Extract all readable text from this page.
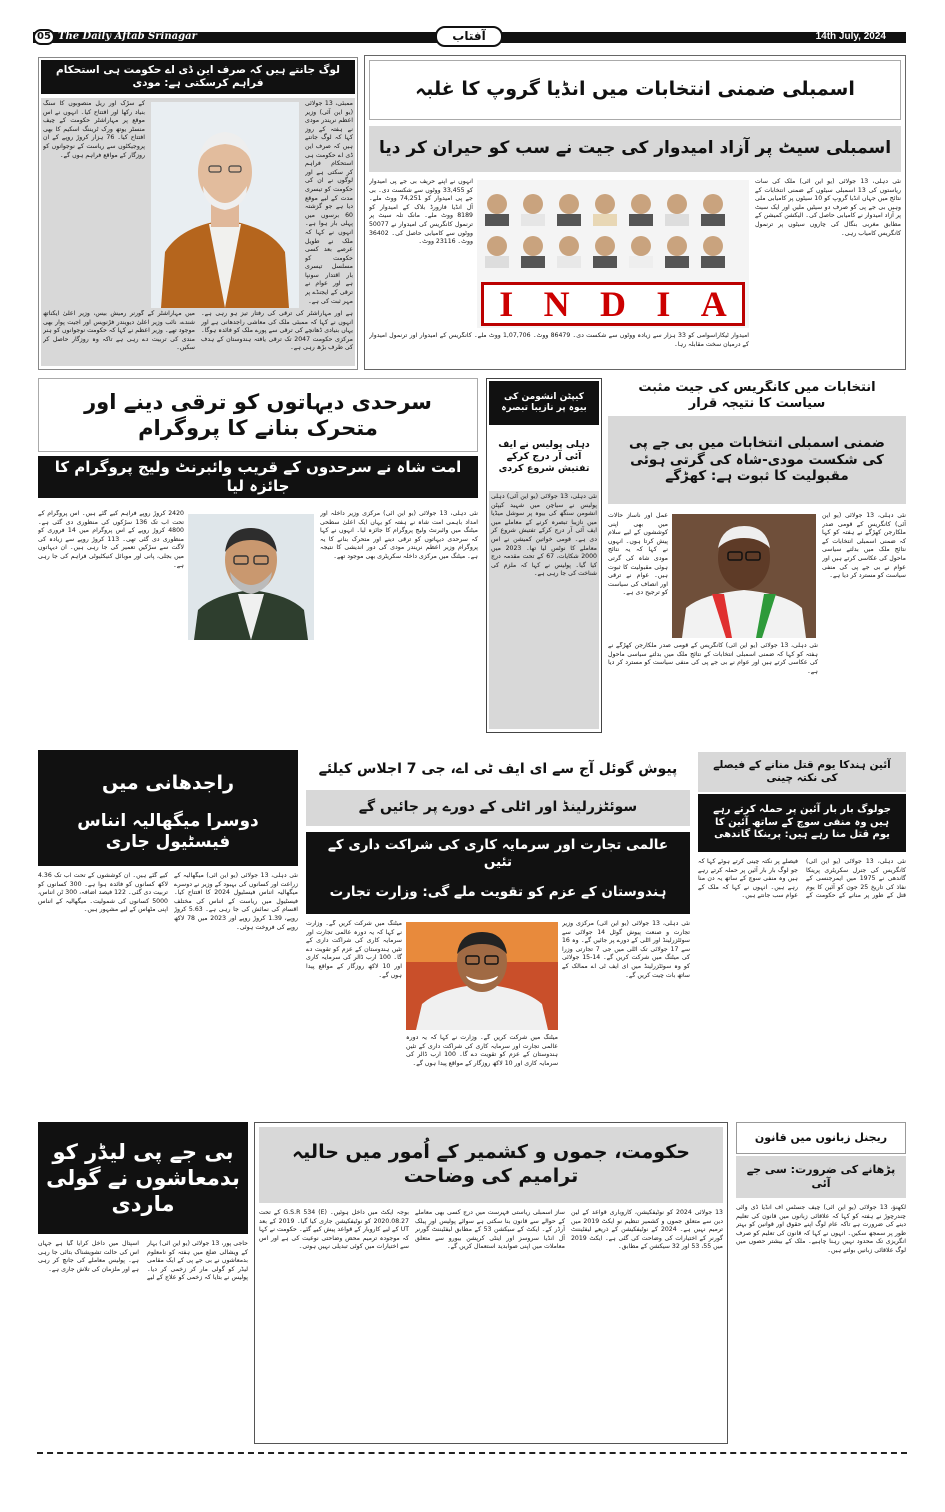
05 The Daily Aftab Srinagar	آفتاب	14th July, 2024
لوگ جانتے ہیں کہ صرف این ڈی اے حکومت ہی استحکام فراہم کرسکتی ہے: مودی
ممبئی، 13 جولائی (یو این آئی) وزیر اعظم نریندر مودی نے ہفتہ کے روز کہا کہ لوگ جانتے ہیں کہ صرف این ڈی اے حکومت ہی استحکام فراہم کر سکتی ہے اور لوگوں نے ان کی حکومت کو تیسری مدت کے لیے موقع دیا ہے جو گزشتہ 60 برسوں میں پہلی بار ہوا ہے۔ انہوں نے کہا کہ ملک نے طویل عرصے بعد کسی حکومت کو مسلسل تیسری بار اقتدار سونپا ہے اور عوام نے ترقی کے ایجنڈے پر مہر ثبت کی ہے۔
کے سڑک اور ریل منصوبوں کا سنگ بنیاد رکھا اور افتتاح کیا۔ انہوں نے اس موقع پر مہاراشٹر حکومت کے چیف منسٹر یوتھ ورک ٹریننگ اسکیم کا بھی افتتاح کیا۔ 76 ہزار کروڑ روپے کے ان پروجیکٹوں سے ریاست کے نوجوانوں کو روزگار کے مواقع فراہم ہوں گے۔
ہے اور مہاراشٹر کی ترقی کی رفتار تیز ہو رہی ہے۔ انہوں نے کہا کہ ممبئی ملک کی معاشی راجدھانی ہے اور یہاں بنیادی ڈھانچے کی ترقی سے پورے ملک کو فائدہ ہوگا۔ مرکزی حکومت 2047 تک ترقی یافتہ ہندوستان کے ہدف کی طرف بڑھ رہی ہے۔
میں مہاراشٹر کے گورنر رمیش بیس، وزیر اعلیٰ ایکناتھ شندے، نائب وزیر اعلیٰ دیویندر فڑنویس اور اجیت پوار بھی موجود تھے۔ وزیر اعظم نے کہا کہ حکومت نوجوانوں کو ہنر مندی کی تربیت دے رہی ہے تاکہ وہ روزگار حاصل کر سکیں۔
اسمبلی ضمنی انتخابات میں انڈیا گروپ کا غلبہ
اسمبلی سیٹ پر آزاد امیدوار کی جیت نے سب کو حیران کر دیا
نئی دہلی، 13 جولائی (یو این آئی) ملک کی سات ریاستوں کی 13 اسمبلی سیٹوں کے ضمنی انتخابات کے نتائج میں جہاں انڈیا گروپ کو 10 سیٹوں پر کامیابی ملی وہیں بی جے پی کو صرف دو سیٹیں ملیں اور ایک سیٹ پر آزاد امیدوار نے کامیابی حاصل کی۔ الیکشن کمیشن کے مطابق مغربی بنگال کی چاروں سیٹوں پر ترنمول کانگریس کامیاب رہی۔
I N D I A
انہوں نے اپنے حریف بی جے پی امیدوار کو 33,455 ووٹوں سے شکست دی۔ بی جے پی امیدوار کو 74,251 ووٹ ملے۔ آل انڈیا فارورڈ بلاک کے امیدوار کو 8189 ووٹ ملے۔ مانک تلہ سیٹ پر ترنمول کانگریس کی امیدوار نے 50077 ووٹوں سے کامیابی حاصل کی۔ 36402 ووٹ۔ 23116 ووٹ۔
امیدوار ٹیکاراسوامی کو 33 ہزار سے زیادہ ووٹوں سے شکست دی۔ 86479 ووٹ۔ 1,07,706 ووٹ ملے۔ کانگریس کے امیدوار اور ترنمول امیدوار کے درمیان سخت مقابلہ رہا۔
سرحدی دیہاتوں کو ترقی دینے اور متحرک بنانے کا پروگرام
امت شاہ نے سرحدوں کے قریب وائبرنٹ ولیج پروگرام کا جائزہ لیا
نئی دہلی، 13 جولائی (یو این آئی) مرکزی وزیر داخلہ اور امداد باہمی امت شاہ نے ہفتہ کو یہاں ایک اعلیٰ سطحی میٹنگ میں وائبرنٹ ولیج پروگرام کا جائزہ لیا۔ انہوں نے کہا کہ سرحدی دیہاتوں کو ترقی دینے اور متحرک بنانے کا یہ پروگرام وزیر اعظم نریندر مودی کی دور اندیشی کا نتیجہ ہے۔ میٹنگ میں مرکزی داخلہ سکریٹری بھی موجود تھے۔
2420 کروڑ روپے فراہم کیے گئے ہیں۔ اس پروگرام کے تحت اب تک 136 سڑکوں کی منظوری دی گئی ہے۔ 4800 کروڑ روپے کے اس پروگرام میں 14 فروری کو منظوری دی گئی تھی۔ 113 کروڑ روپے سے زیادہ کی لاگت سے سڑکیں تعمیر کی جا رہی ہیں۔ ان دیہاتوں میں بجلی، پانی اور موبائل کنیکٹیوٹی فراہم کی جا رہی ہے۔
کیپٹن انشومن کی بیوہ پر نازیبا تبصرہ
دہلی پولیس نے ایف آئی آر درج کرکے تفتیش شروع کردی
نئی دہلی، 13 جولائی (یو این آئی) دہلی پولیس نے سیاچن میں شہید کیپٹن انشومن سنگھ کی بیوہ پر سوشل میڈیا میں نازیبا تبصرہ کرنے کے معاملے میں ایف آئی آر درج کرکے تفتیش شروع کر دی ہے۔ قومی خواتین کمیشن نے اس معاملے کا نوٹس لیا تھا۔ 2023 میں 2000 شکایات، 67 کے تحت مقدمہ درج کیا گیا۔ پولیس نے کہا کہ ملزم کی شناخت کی جا رہی ہے۔
انتخابات میں کانگریس کی جیت مثبت سیاست کا نتیجہ قرار
ضمنی اسمبلی انتخابات میں بی جے پی کی شکست مودی-شاہ کی گرتی ہوئی مقبولیت کا ثبوت ہے: کھڑگے
نئی دہلی، 13 جولائی (یو این آئی) کانگریس کے قومی صدر ملکارجن کھڑگے نے ہفتہ کو کہا کہ ضمنی اسمبلی انتخابات کے نتائج ملک میں بدلتے سیاسی ماحول کی عکاسی کرتے ہیں اور عوام نے بی جے پی کی منفی سیاست کو مسترد کر دیا ہے۔
عمل اور ناساز حالات میں بھی اپنی کوششوں کے لیے سلام پیش کرتا ہوں۔ انہوں نے کہا کہ یہ نتائج مودی شاہ کی گرتی ہوئی مقبولیت کا ثبوت ہیں۔ عوام نے ترقی اور انصاف کی سیاست کو ترجیح دی ہے۔
نئی دہلی، 13 جولائی (یو این آئی) کانگریس کے قومی صدر ملکارجن کھڑگے نے ہفتہ کو کہا کہ ضمنی اسمبلی انتخابات کے نتائج ملک میں بدلتے سیاسی ماحول کی عکاسی کرتے ہیں اور عوام نے بی جے پی کی منفی سیاست کو مسترد کر دیا ہے۔
راجدھانی میں
دوسرا میگھالیہ انناس فیسٹیول جاری
نئی دہلی، 13 جولائی (یو این آئی) میگھالیہ کے زراعت اور کسانوں کی بہبود کے وزیر نے دوسرے میگھالیہ انناس فیسٹیول 2024 کا افتتاح کیا۔ فیسٹیول میں ریاست کے انناس کی مختلف اقسام کی نمائش کی جا رہی ہے۔ 5.63 کروڑ روپے، 1.39 کروڑ روپے اور 2023 میں 78 لاکھ روپے کی فروخت ہوئی۔
کیے گئے ہیں۔ ان کوششوں کے تحت اب تک 4.36 لاکھ کسانوں کو فائدہ ہوا ہے۔ 300 کسانوں کو تربیت دی گئی۔ 122 فیصد اضافہ، 300 ٹن انناس، 5000 کسانوں کی شمولیت۔ میگھالیہ کے انناس اپنی مٹھاس کے لیے مشہور ہیں۔
پیوش گوئل آج سے ای ایف ٹی اے، جی 7 اجلاس کیلئے
سوئٹزرلینڈ اور اٹلی کے دورے پر جائیں گے
عالمی تجارت اور سرمایہ کاری کی شراکت داری کے تئیں
ہندوستان کے عزم کو تقویت ملے گی: وزارت تجارت
نئی دہلی، 13 جولائی (یو این آئی) مرکزی وزیر تجارت و صنعت پیوش گوئل 14 جولائی سے سوئٹزرلینڈ اور اٹلی کے دورے پر جائیں گے۔ وہ 16 سے 17 جولائی تک اٹلی میں جی 7 تجارتی وزرا کی میٹنگ میں شرکت کریں گے۔ 14-15 جولائی کو وہ سوئٹزرلینڈ میں ای ایف ٹی اے ممالک کے ساتھ بات چیت کریں گے۔
میٹنگ میں شرکت کریں گے۔ وزارت نے کہا کہ یہ دورہ عالمی تجارت اور سرمایہ کاری کی شراکت داری کے تئیں ہندوستان کے عزم کو تقویت دے گا۔ 100 ارب ڈالر کی سرمایہ کاری اور 10 لاکھ روزگار کے مواقع پیدا ہوں گے۔
میٹنگ میں شرکت کریں گے۔ وزارت نے کہا کہ یہ دورہ عالمی تجارت اور سرمایہ کاری کی شراکت داری کے تئیں ہندوستان کے عزم کو تقویت دے گا۔ 100 ارب ڈالر کی سرمایہ کاری اور 10 لاکھ روزگار کے مواقع پیدا ہوں گے۔
آئین ہندکا یوم قتل منانے کے فیصلے کی نکتہ چینی
جولوگ بار بار آئین پر حملہ کرتے رہے ہیں وہ منفی سوچ کے ساتھ آئین کا یوم قتل منا رہے ہیں: پرینکا گاندھی
نئی دہلی، 13 جولائی (یو این آئی) کانگریس کی جنرل سکریٹری پرینکا گاندھی نے 1975 میں ایمرجنسی کے نفاذ کی تاریخ 25 جون کو آئین کا یوم قتل کے طور پر منانے کے حکومت کے فیصلے پر نکتہ چینی کرتے ہوئے کہا کہ جو لوگ بار بار آئین پر حملہ کرتے رہے ہیں وہ منفی سوچ کے ساتھ یہ دن منا رہے ہیں۔ انہوں نے کہا کہ ملک کے عوام سب جانتے ہیں۔
بی جے پی لیڈر کو بدمعاشوں نے گولی ماردی
حاجی پور، 13 جولائی (یو این آئی) بہار کے ویشالی ضلع میں ہفتہ کو نامعلوم بدمعاشوں نے بی جے پی کے ایک مقامی لیڈر کو گولی مار کر زخمی کر دیا۔ پولیس نے بتایا کہ زخمی کو علاج کے لیے اسپتال میں داخل کرایا گیا ہے جہاں اس کی حالت تشویشناک بتائی جا رہی ہے۔ پولیس معاملے کی جانچ کر رہی ہے اور ملزمان کی تلاش جاری ہے۔
حکومت، جموں و کشمیر کے اُمور میں حالیہ ترامیم کی وضاحت
13 جولائی 2024 کو نوٹیفکیشن، کاروباری قواعد کے لین دین سے متعلق جموں و کشمیر تنظیم نو ایکٹ 2019 میں ترمیم نہیں ہے۔ 2024 کے نوٹیفکیشن کے ذریعے لیفٹیننٹ گورنر کے اختیارات کی وضاحت کی گئی ہے۔ ایکٹ 2019 میں 55، 53 اور 32 سیکشن کے مطابق۔
ساز اسمبلی ریاستی فہرست میں درج کسی بھی معاملے کے حوالے سے قانون بنا سکتی ہے سوائے پولیس اور پبلک آرڈر کے۔ ایکٹ کے سیکشن 53 کے مطابق لیفٹیننٹ گورنر آل انڈیا سروسز اور اینٹی کرپشن بیورو سے متعلق معاملات میں اپنی صوابدید استعمال کریں گے۔
بوجہ ایکٹ میں داخل ہوئیں۔ G.S.R 534 (E) کے تحت 2020.08.27 کو نوٹیفکیشن جاری کیا گیا۔ 2019 کے بعد UT کے لیے کاروبار کے قواعد پیش کیے گئے۔ حکومت نے کہا کہ موجودہ ترمیم محض وضاحتی نوعیت کی ہے اور اس سے اختیارات میں کوئی تبدیلی نہیں ہوتی۔
ریجنل زبانوں میں قانون
پڑھانے کی ضرورت: سی جے آئی
لکھنؤ، 13 جولائی (یو این آئی) چیف جسٹس آف انڈیا ڈی وائی چندرچوڑ نے ہفتہ کو کہا کہ علاقائی زبانوں میں قانون کی تعلیم دینے کی ضرورت ہے تاکہ عام لوگ اپنے حقوق اور قوانین کو بہتر طور پر سمجھ سکیں۔ انہوں نے کہا کہ قانون کی تعلیم کو صرف انگریزی تک محدود نہیں رہنا چاہیے۔ ملک کے بیشتر حصوں میں لوگ علاقائی زبانیں بولتے ہیں۔
